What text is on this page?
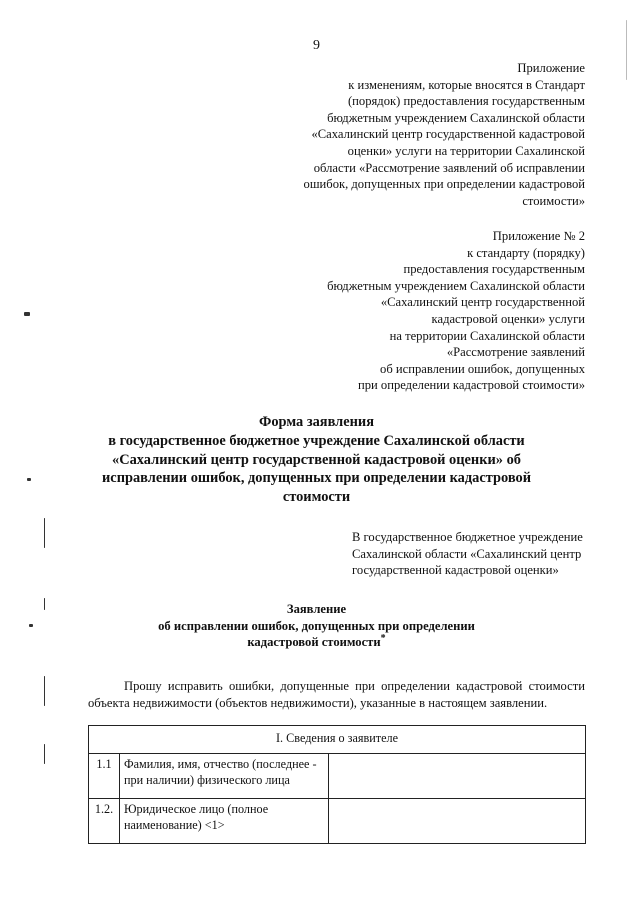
9
Приложение
к изменениям, которые вносятся в Стандарт
(порядок) предоставления государственным
бюджетным учреждением Сахалинской области
«Сахалинский центр государственной кадастровой
оценки» услуги на территории Сахалинской
области «Рассмотрение заявлений об исправлении
ошибок, допущенных при определении кадастровой
стоимости»
Приложение № 2
к стандарту (порядку)
предоставления государственным
бюджетным учреждением Сахалинской области
«Сахалинский центр государственной
кадастровой оценки» услуги
на территории Сахалинской области
«Рассмотрение заявлений
об исправлении ошибок, допущенных
при определении кадастровой стоимости»
Форма заявления
в государственное бюджетное учреждение Сахалинской области
«Сахалинский центр государственной кадастровой оценки» об
исправлении ошибок, допущенных при определении кадастровой
стоимости
В государственное бюджетное учреждение
Сахалинской области «Сахалинский центр
государственной кадастровой оценки»
Заявление
об исправлении ошибок, допущенных при определении
кадастровой стоимости*
Прошу исправить ошибки, допущенные при определении кадастровой стоимости
объекта недвижимости (объектов недвижимости), указанные в настоящем заявлении.
I. Сведения о заявителе		
1.1	Фамилия, имя, отчество (последнее - при наличии) физического лица	
1.2.	Юридическое лицо (полное наименование) <1>	
